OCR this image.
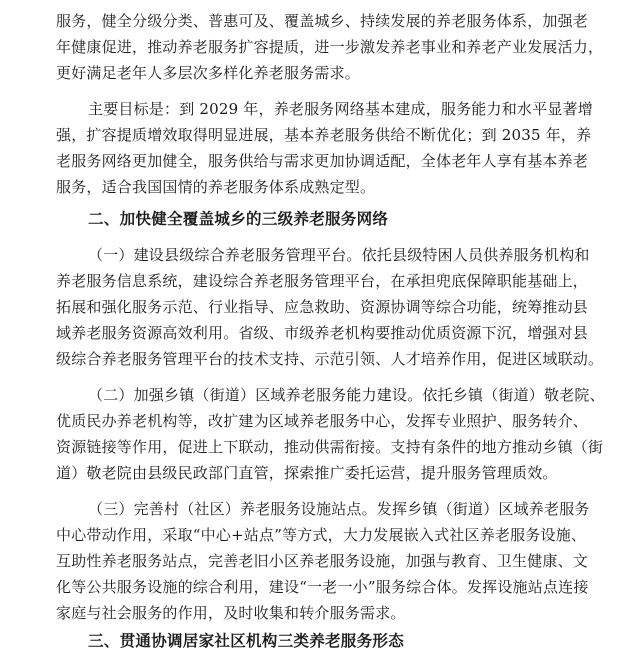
服务，健全分级分类、普惠可及、覆盖城乡、持续发展的养老服务体系，加强老
年健康促进，推动养老服务扩容提质，进一步激发养老事业和养老产业发展活力，
更好满足老年人多层次多样化养老服务需求。
主要目标是：到 2029 年，养老服务网络基本建成，服务能力和水平显著增
强，扩容提质增效取得明显进展，基本养老服务供给不断优化；到 2035 年，养
老服务网络更加健全，服务供给与需求更加协调适配，全体老年人享有基本养老
服务，适合我国国情的养老服务体系成熟定型。
二、加快健全覆盖城乡的三级养老服务网络
（一）建设县级综合养老服务管理平台。依托县级特困人员供养服务机构和
养老服务信息系统，建设综合养老服务管理平台，在承担兜底保障职能基础上，
拓展和强化服务示范、行业指导、应急救助、资源协调等综合功能，统筹推动县
域养老服务资源高效利用。省级、市级养老机构要推动优质资源下沉，增强对县
级综合养老服务管理平台的技术支持、示范引领、人才培养作用，促进区域联动。
（二）加强乡镇（街道）区域养老服务能力建设。依托乡镇（街道）敬老院、
优质民办养老机构等，改扩建为区域养老服务中心，发挥专业照护、服务转介、
资源链接等作用，促进上下联动，推动供需衔接。支持有条件的地方推动乡镇（街
道）敬老院由县级民政部门直管，探索推广委托运营，提升服务管理质效。
（三）完善村（社区）养老服务设施站点。发挥乡镇（街道）区域养老服务
中心带动作用，采取“中心+站点”等方式，大力发展嵌入式社区养老服务设施、
互助性养老服务站点，完善老旧小区养老服务设施，加强与教育、卫生健康、文
化等公共服务设施的综合利用，建设“一老一小”服务综合体。发挥设施站点连接
家庭与社会服务的作用，及时收集和转介服务需求。
三、贯通协调居家社区机构三类养老服务形态
